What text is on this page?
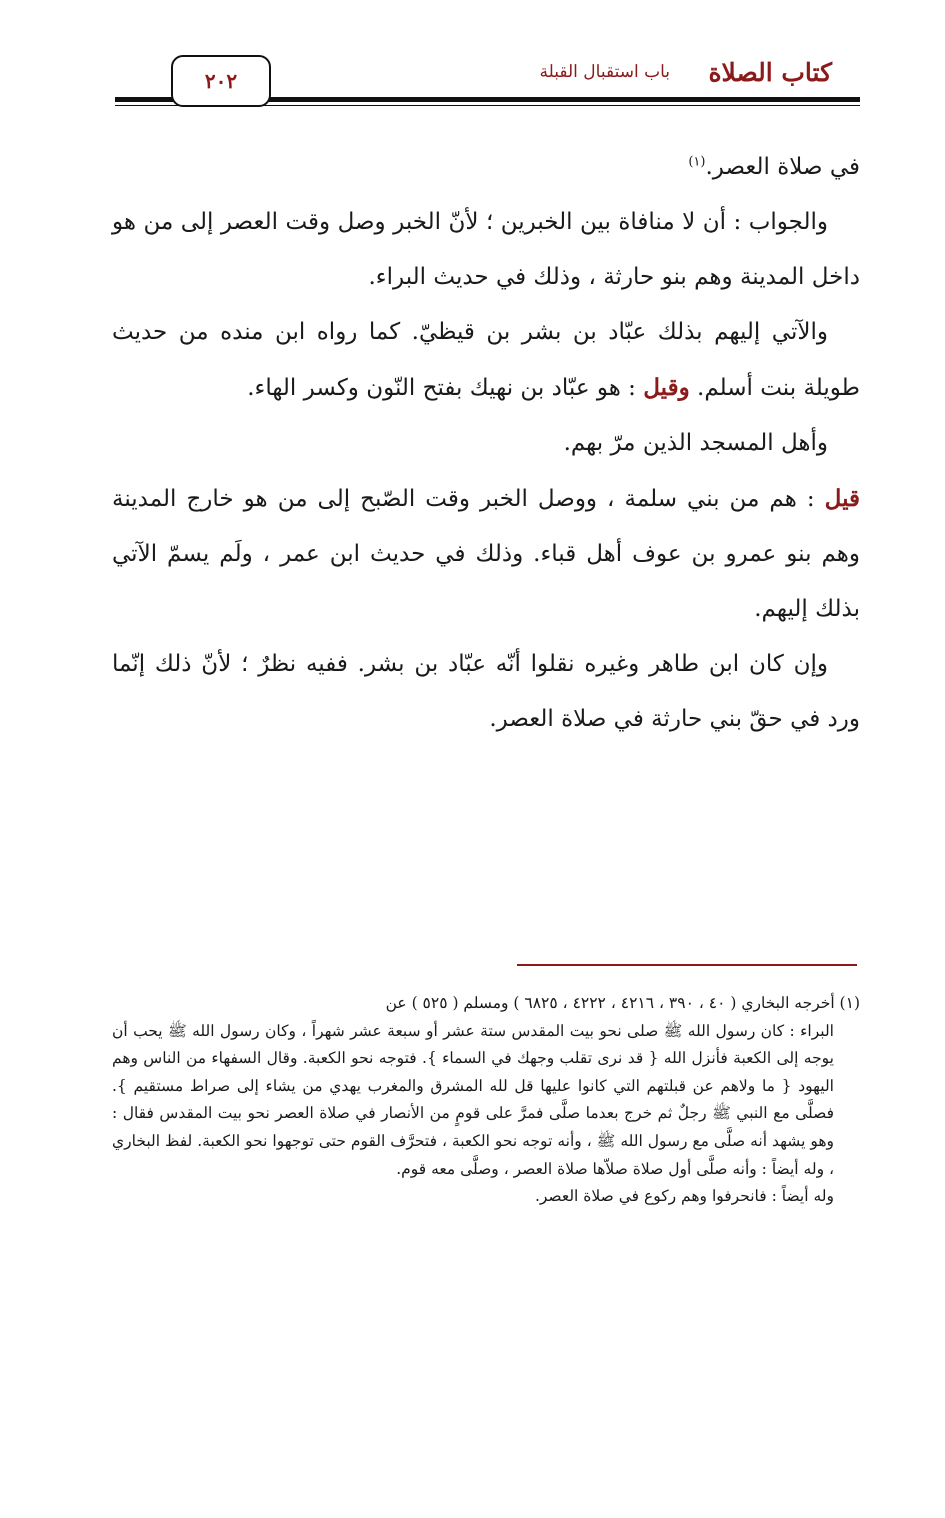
كتاب الصلاة
باب استقبال القبلة
٢٠٢

في صلاة العصر.$^{(١)}$

والجواب : أن لا منافاة بين الخبرين ؛ لأنّ الخبر وصل وقت العصر إلى من هو داخل المدينة وهم بنو حارثة ، وذلك في حديث البراء.

والآتي إليهم بذلك عبّاد بن بشر بن قيظيّ. كما رواه ابن منده من حديث طويلة بنت أسلم. وقيل : هو عبّاد بن نهيك بفتح النّون وكسر الهاء.

وأهل المسجد الذين مرّ بهم.

قيل : هم من بني سلمة ، ووصل الخبر وقت الصّبح إلى من هو خارج المدينة وهم بنو عمرو بن عوف أهل قباء. وذلك في حديث ابن عمر ، ولَم يسمّ الآتي بذلك إليهم.

وإن كان ابن طاهر وغيره نقلوا أنّه عبّاد بن بشر. ففيه نظرٌ ؛ لأنّ ذلك إنّما ورد في حقّ بني حارثة في صلاة العصر.

(١) أخرجه البخاري ( ٤٠ ، ٣٩٠ ، ٤٢١٦ ، ٤٢٢٢ ، ٦٨٢٥ ) ومسلم ( ٥٢٥ ) عن

البراء : كان رسول الله ﷺ صلى نحو بيت المقدس ستة عشر أو سبعة عشر شهراً ، وكان رسول الله ﷺ يحب أن يوجه إلى الكعبة فأنزل الله { قد نرى تقلب وجهك في السماء }. فتوجه نحو الكعبة. وقال السفهاء من الناس وهم اليهود { ما ولاهم عن قبلتهم التي كانوا عليها قل لله المشرق والمغرب يهدي من يشاء إلى صراط مستقيم }. فصلَّى مع النبي ﷺ رجلٌ ثم خرج بعدما صلَّى فمرَّ على قومٍ من الأنصار في صلاة العصر نحو بيت المقدس فقال : وهو يشهد أنه صلَّى مع رسول الله ﷺ ، وأنه توجه نحو الكعبة ، فتحرَّف القوم حتى توجهوا نحو الكعبة. لفظ البخاري ، وله أيضاً : وأنه صلَّى أول صلاة صلاّها صلاة العصر ، وصلَّى معه قوم.

وله أيضاً : فانحرفوا وهم ركوع في صلاة العصر.
